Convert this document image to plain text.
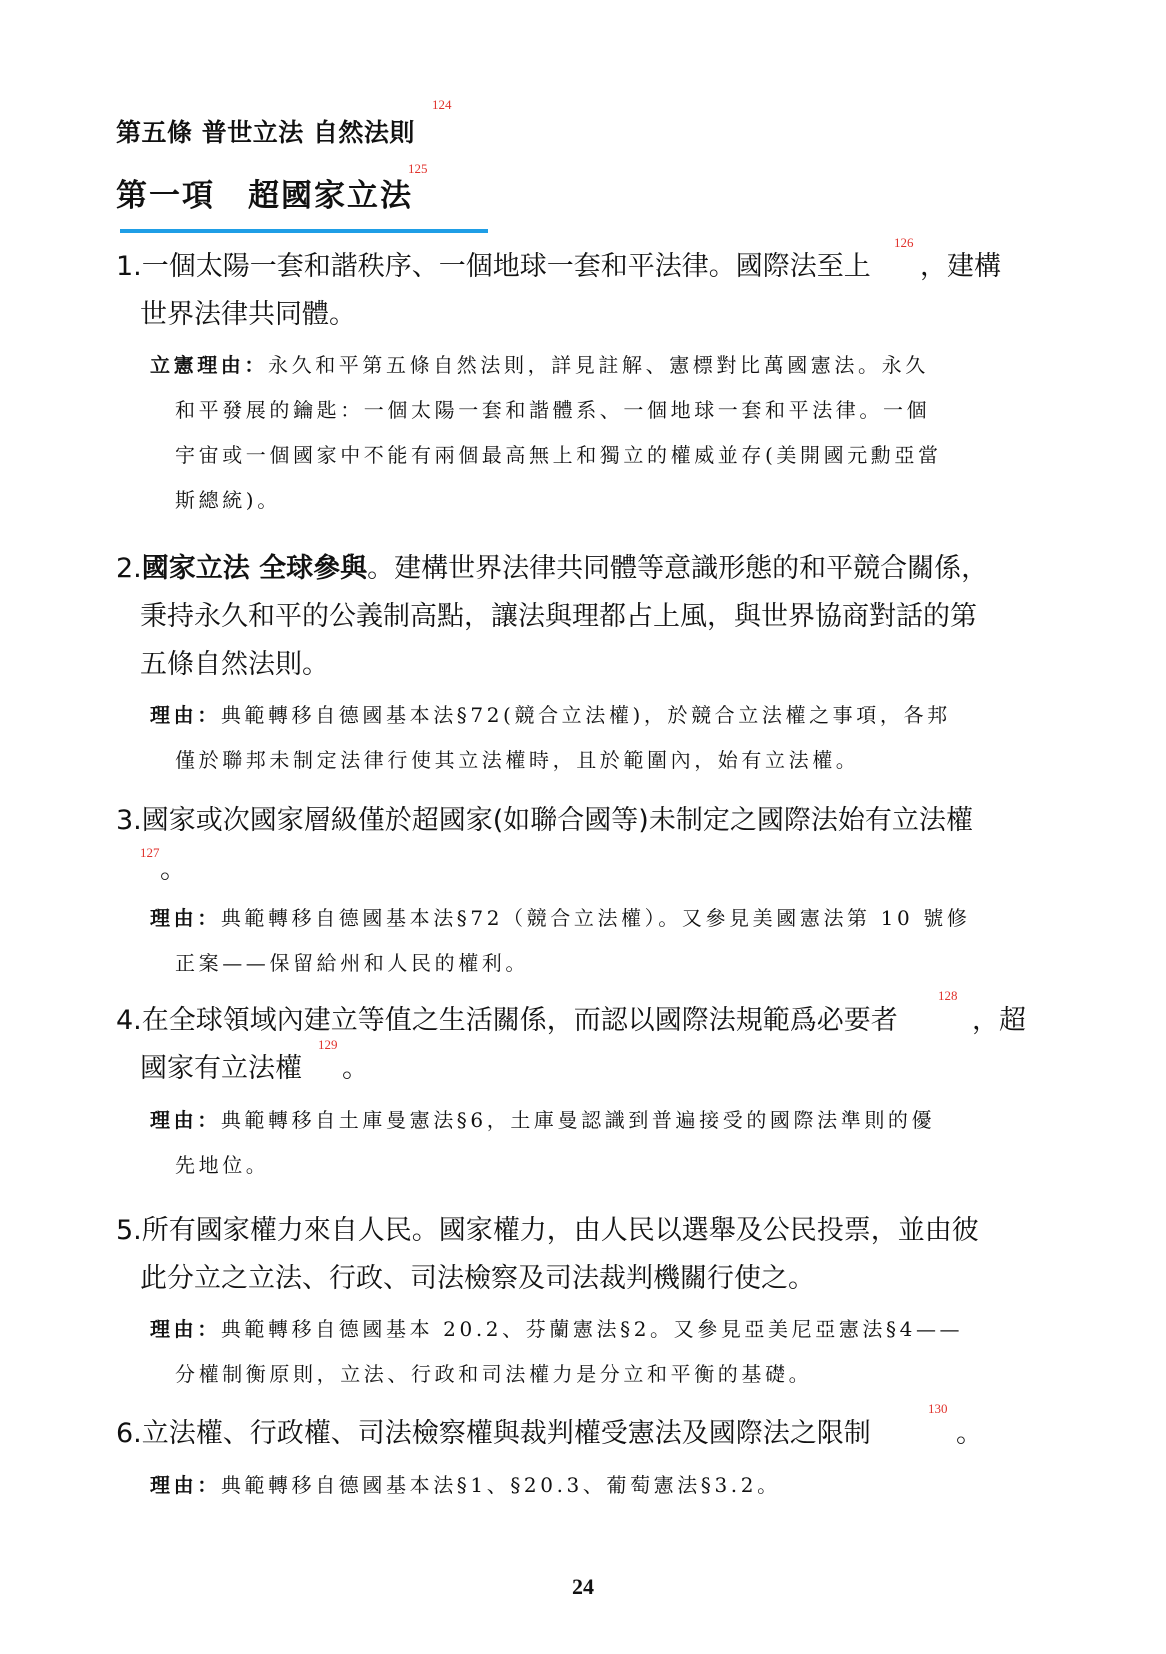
第五條 普世立法 自然法則
124
第一項　超國家立法
125
1.一個太陽一套和諧秩序、一個地球一套和平法律。國際法至上
126
，建構
世界法律共同體。
立憲理由：永久和平第五條自然法則，詳見註解、憲標對比萬國憲法。永久
和平發展的鑰匙：一個太陽一套和諧體系、一個地球一套和平法律。一個
宇宙或一個國家中不能有兩個最高無上和獨立的權威並存(美開國元勳亞當
斯總統)。
2.國家立法 全球參與。建構世界法律共同體等意識形態的和平競合關係，
秉持永久和平的公義制高點，讓法與理都占上風，與世界協商對話的第
五條自然法則。
理由：典範轉移自德國基本法§72(競合立法權)，於競合立法權之事項，各邦
僅於聯邦未制定法律行使其立法權時，且於範圍內，始有立法權。
3.國家或次國家層級僅於超國家(如聯合國等)未制定之國際法始有立法權
127
。
理由：典範轉移自德國基本法§72（競合立法權）。又參見美國憲法第 10 號修
正案——保留給州和人民的權利。
4.在全球領域內建立等值之生活關係，而認以國際法規範爲必要者
128
，超
國家有立法權
129
。
理由：典範轉移自土庫曼憲法§6，土庫曼認識到普遍接受的國際法準則的優
先地位。
5.所有國家權力來自人民。國家權力，由人民以選舉及公民投票，並由彼
此分立之立法、行政、司法檢察及司法裁判機關行使之。
理由：典範轉移自德國基本 20.2、芬蘭憲法§2。又參見亞美尼亞憲法§4——
分權制衡原則，立法、行政和司法權力是分立和平衡的基礎。
6.立法權、行政權、司法檢察權與裁判權受憲法及國際法之限制
130
。
理由：典範轉移自德國基本法§1、§20.3、葡萄憲法§3.2。
24
